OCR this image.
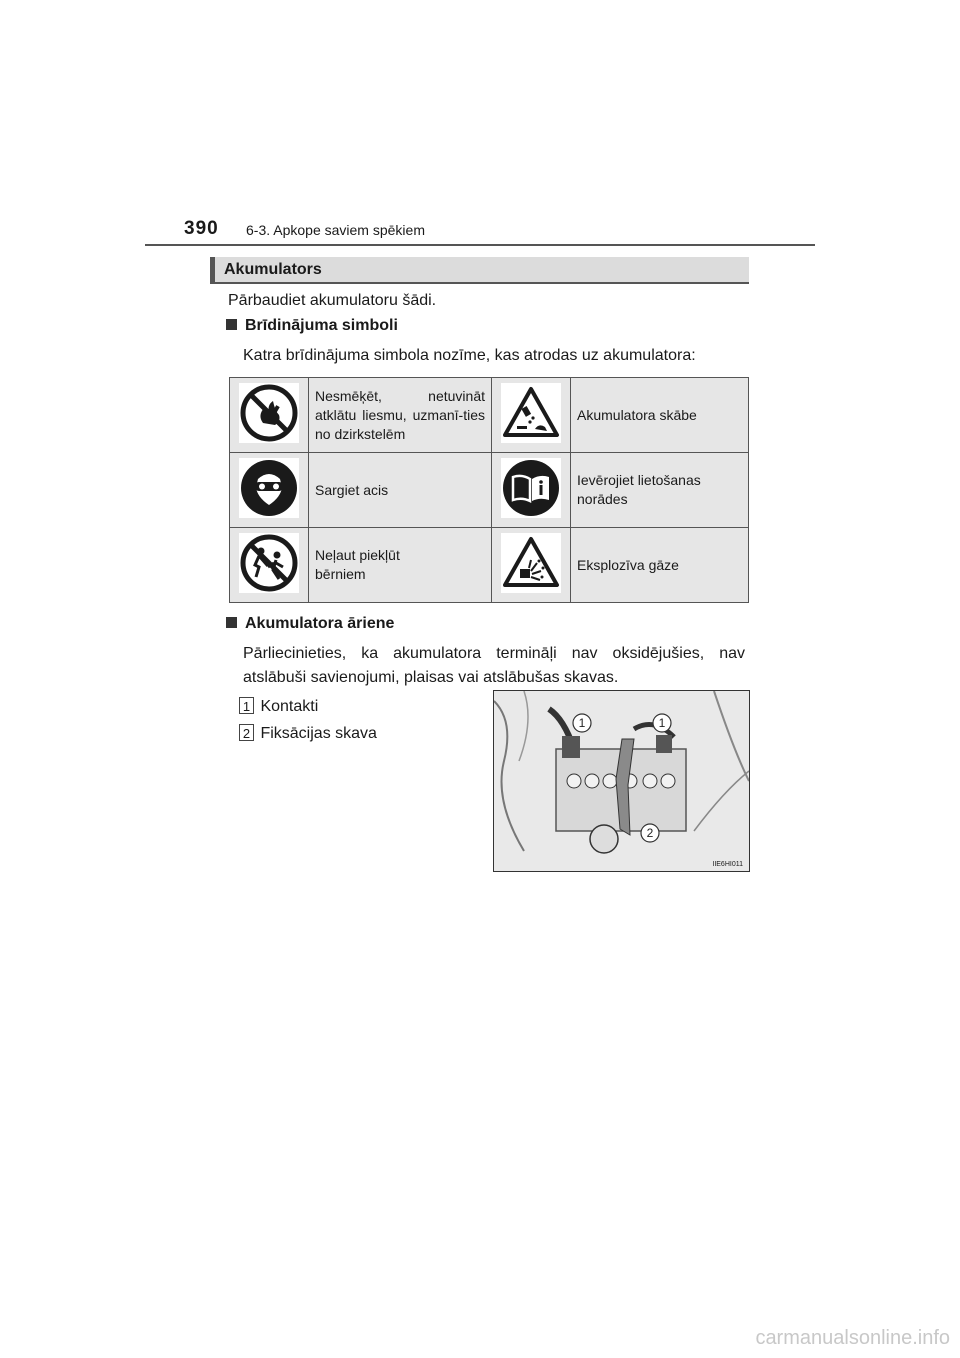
390 6-3. Apkope saviem spēkiem
Akumulators
Pārbaudiet akumulatoru šādi.
Brīdinājuma simboli
Katra brīdinājuma simbola nozīme, kas atrodas uz akumulatora:
	Nesmēķēt, netuvināt atklātu liesmu, uzmanī-ties no dzirkstelēm		Akumulatora skābe

	Sargiet acis		Ievērojiet lietošanas norādes

	Neļaut piekļūt bērniem		Eksplozīva gāze
Akumulatora āriene
Pārliecinieties, ka akumulatora termināļi nav oksidējušies, nav atslābuši savienojumi, plaisas vai atslābušas skavas.
1 Kontakti
2 Fiksācijas skava
1	1
2
IIE6HI011
carmanualsonline.info
